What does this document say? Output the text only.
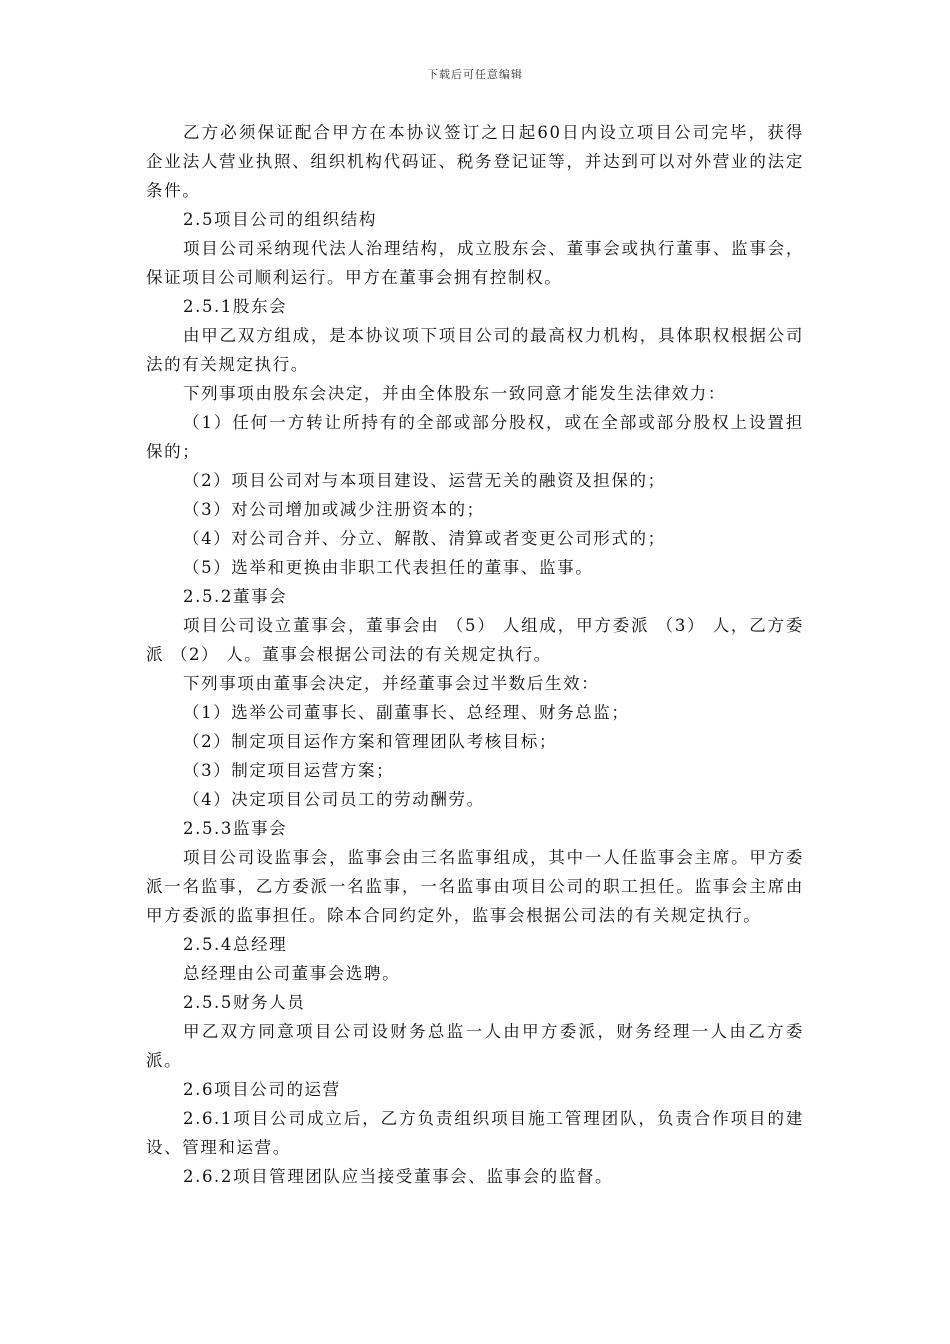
下载后可任意编辑

乙方必须保证配合甲方在本协议签订之日起60日内设立项目公司完毕，获得企业法人营业执照、组织机构代码证、税务登记证等，并达到可以对外营业的法定条件。

2.5项目公司的组织结构

项目公司采纳现代法人治理结构，成立股东会、董事会或执行董事、监事会，保证项目公司顺利运行。甲方在董事会拥有控制权。

2.5.1股东会

由甲乙双方组成，是本协议项下项目公司的最高权力机构，具体职权根据公司法的有关规定执行。

下列事项由股东会决定，并由全体股东一致同意才能发生法律效力：

（1）任何一方转让所持有的全部或部分股权，或在全部或部分股权上设置担保的；

（2）项目公司对与本项目建设、运营无关的融资及担保的；

（3）对公司增加或减少注册资本的；

（4）对公司合并、分立、解散、清算或者变更公司形式的；

（5）选举和更换由非职工代表担任的董事、监事。

2.5.2董事会

项目公司设立董事会，董事会由 （5） 人组成，甲方委派 （3） 人，乙方委派 （2） 人。董事会根据公司法的有关规定执行。

下列事项由董事会决定，并经董事会过半数后生效：

（1）选举公司董事长、副董事长、总经理、财务总监；

（2）制定项目运作方案和管理团队考核目标；

（3）制定项目运营方案；

（4）决定项目公司员工的劳动酬劳。

2.5.3监事会

项目公司设监事会，监事会由三名监事组成，其中一人任监事会主席。甲方委派一名监事，乙方委派一名监事，一名监事由项目公司的职工担任。监事会主席由甲方委派的监事担任。除本合同约定外，监事会根据公司法的有关规定执行。

2.5.4总经理

总经理由公司董事会选聘。

2.5.5财务人员

甲乙双方同意项目公司设财务总监一人由甲方委派，财务经理一人由乙方委派。

2.6项目公司的运营

2.6.1项目公司成立后，乙方负责组织项目施工管理团队，负责合作项目的建设、管理和运营。

2.6.2项目管理团队应当接受董事会、监事会的监督。
